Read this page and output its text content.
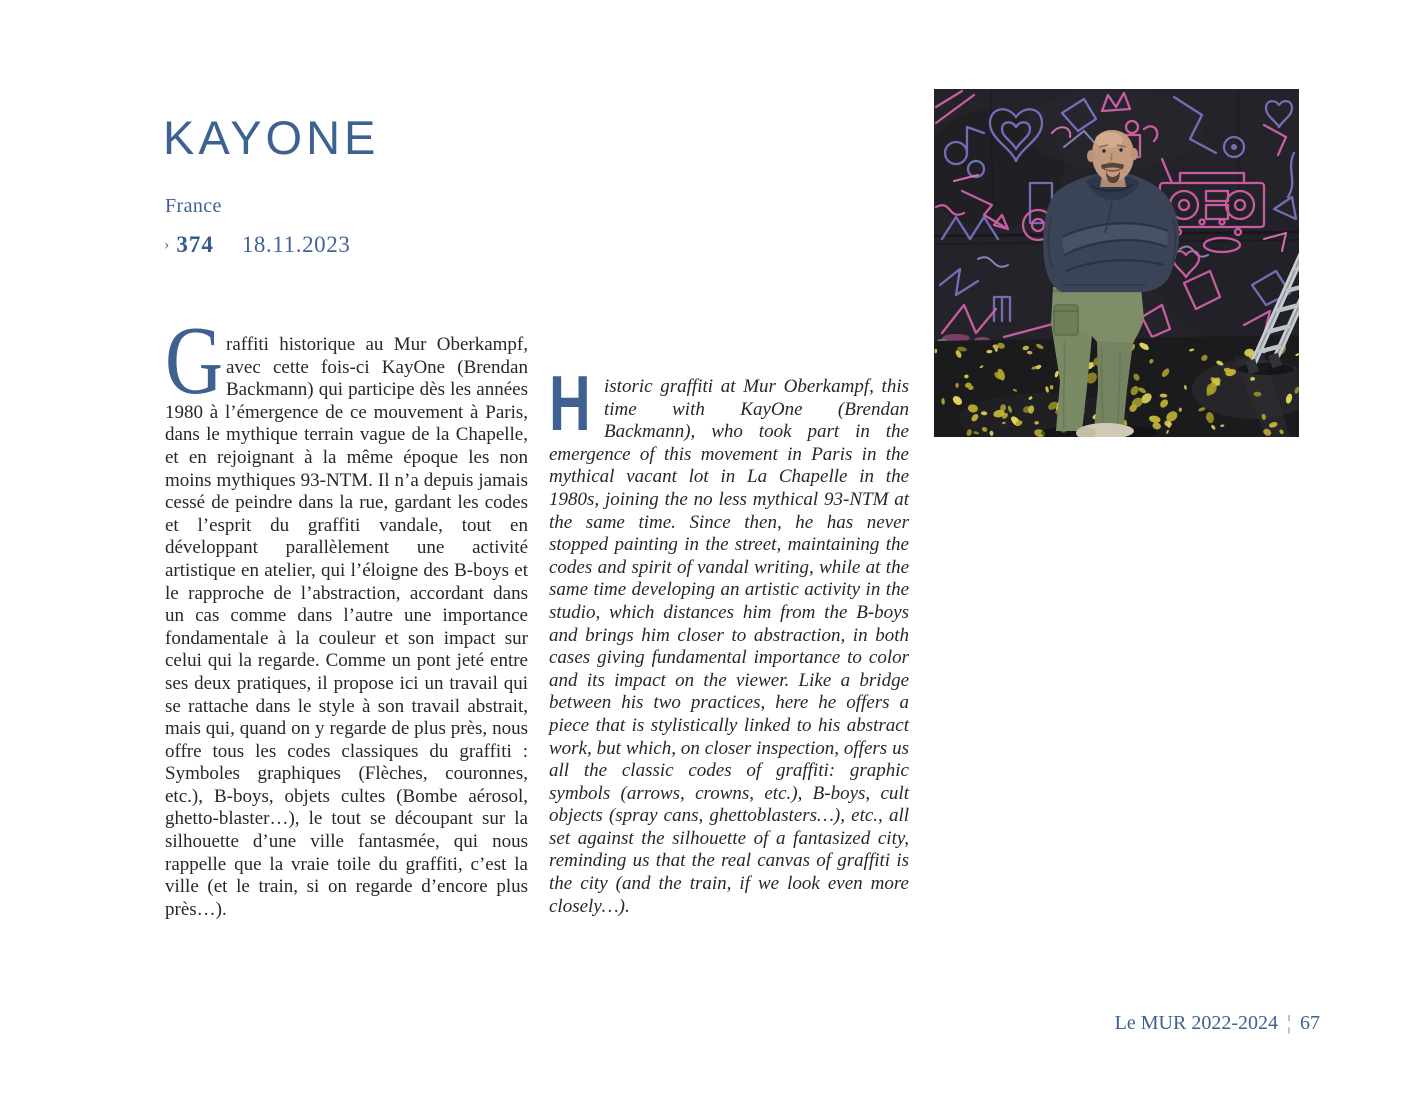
KAYONE
France
› 374 18.11.2023
G raffiti historique au Mur Oberkampf, avec cette fois-ci KayOne (Brendan Backmann) qui participe dès les années 1980 à l’émergence de ce mouvement à Paris, dans le mythique terrain vague de la Chapelle, et en rejoignant à la même époque les non moins mythiques 93-NTM. Il n’a depuis jamais cessé de peindre dans la rue, gardant les codes et l’esprit du graffiti vandale, tout en développant parallèlement une activité artistique en atelier, qui l’éloigne des B-boys et le rapproche de l’abstraction, accordant dans un cas comme dans l’autre une importance fondamentale à la couleur et son impact sur celui qui la regarde. Comme un pont jeté entre ses deux pratiques, il propose ici un travail qui se rattache dans le style à son travail abstrait, mais qui, quand on y regarde de plus près, nous offre tous les codes classiques du graffiti : Symboles graphiques (Flèches, couronnes, etc.), B-boys, objets cultes (Bombe aérosol, ghetto-blaster…), le tout se découpant sur la silhouette d’une ville fantasmée, qui nous rappelle que la vraie toile du graffiti, c’est la ville (et le train, si on regarde d’encore plus près…).
H istoric graffiti at Mur Oberkampf, this time with KayOne (Brendan Backmann), who took part in the emergence of this movement in Paris in the mythical vacant lot in La Chapelle in the 1980s, joining the no less mythical 93-NTM at the same time. Since then, he has never stopped painting in the street, maintaining the codes and spirit of vandal writing, while at the same time developing an artistic activity in the studio, which distances him from the B-boys and brings him closer to abstraction, in both cases giving fundamental importance to color and its impact on the viewer. Like a bridge between his two practices, here he offers a piece that is stylistically linked to his abstract work, but which, on closer inspection, offers us all the classic codes of graffiti: graphic symbols (arrows, crowns, etc.), B-boys, cult objects (spray cans, ghettoblasters…), etc., all set against the silhouette of a fantasized city, reminding us that the real canvas of graffiti is the city (and the train, if we look even more closely…).
Le MUR 2022-2024 ¦ 67
